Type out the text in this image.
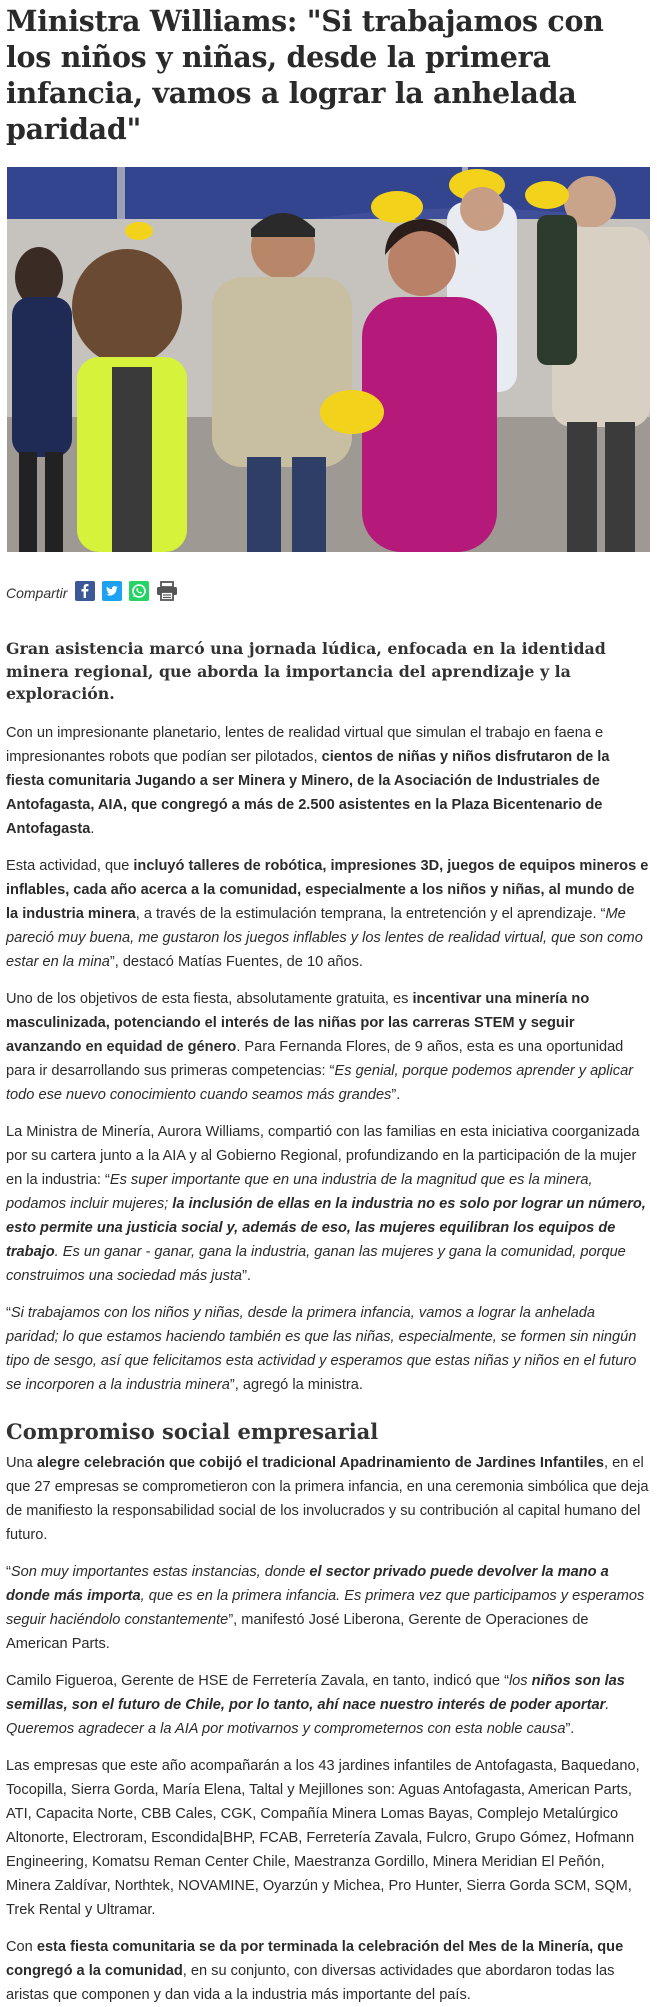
Ministra Williams: "Si trabajamos con los niños y niñas, desde la primera infancia, vamos a lograr la anhelada paridad"
Compartir
Gran asistencia marcó una jornada lúdica, enfocada en la identidad minera regional, que aborda la importancia del aprendizaje y la exploración.

Con un impresionante planetario, lentes de realidad virtual que simulan el trabajo en faena e impresionantes robots que podían ser pilotados, cientos de niñas y niños disfrutaron de la fiesta comunitaria Jugando a ser Minera y Minero, de la Asociación de Industriales de Antofagasta, AIA, que congregó a más de 2.500 asistentes en la Plaza Bicentenario de Antofagasta.

Esta actividad, que incluyó talleres de robótica, impresiones 3D, juegos de equipos mineros e inflables, cada año acerca a la comunidad, especialmente a los niños y niñas, al mundo de la industria minera, a través de la estimulación temprana, la entretención y el aprendizaje. “Me pareció muy buena, me gustaron los juegos inflables y los lentes de realidad virtual, que son como estar en la mina”, destacó Matías Fuentes, de 10 años.

Uno de los objetivos de esta fiesta, absolutamente gratuita, es incentivar una minería no masculinizada, potenciando el interés de las niñas por las carreras STEM y seguir avanzando en equidad de género. Para Fernanda Flores, de 9 años, esta es una oportunidad para ir desarrollando sus primeras competencias: “Es genial, porque podemos aprender y aplicar todo ese nuevo conocimiento cuando seamos más grandes”.

La Ministra de Minería, Aurora Williams, compartió con las familias en esta iniciativa coorganizada por su cartera junto a la AIA y al Gobierno Regional, profundizando en la participación de la mujer en la industria: “Es super importante que en una industria de la magnitud que es la minera, podamos incluir mujeres; la inclusión de ellas en la industria no es solo por lograr un número, esto permite una justicia social y, además de eso, las mujeres equilibran los equipos de trabajo. Es un ganar - ganar, gana la industria, ganan las mujeres y gana la comunidad, porque construimos una sociedad más justa”.

“Si trabajamos con los niños y niñas, desde la primera infancia, vamos a lograr la anhelada paridad; lo que estamos haciendo también es que las niñas, especialmente, se formen sin ningún tipo de sesgo, así que felicitamos esta actividad y esperamos que estas niñas y niños en el futuro se incorporen a la industria minera”, agregó la ministra.

Compromiso social empresarial

Una alegre celebración que cobijó el tradicional Apadrinamiento de Jardines Infantiles, en el que 27 empresas se comprometieron con la primera infancia, en una ceremonia simbólica que deja de manifiesto la responsabilidad social de los involucrados y su contribución al capital humano del futuro.

“Son muy importantes estas instancias, donde el sector privado puede devolver la mano a donde más importa, que es en la primera infancia. Es primera vez que participamos y esperamos seguir haciéndolo constantemente”, manifestó José Liberona, Gerente de Operaciones de American Parts.

Camilo Figueroa, Gerente de HSE de Ferretería Zavala, en tanto, indicó que “los niños son las semillas, son el futuro de Chile, por lo tanto, ahí nace nuestro interés de poder aportar. Queremos agradecer a la AIA por motivarnos y comprometernos con esta noble causa”.

Las empresas que este año acompañarán a los 43 jardines infantiles de Antofagasta, Baquedano, Tocopilla, Sierra Gorda, María Elena, Taltal y Mejillones son: Aguas Antofagasta, American Parts, ATI, Capacita Norte, CBB Cales, CGK, Compañía Minera Lomas Bayas, Complejo Metalúrgico Altonorte, Electroram, Escondida|BHP, FCAB, Ferretería Zavala, Fulcro, Grupo Gómez, Hofmann Engineering, Komatsu Reman Center Chile, Maestranza Gordillo, Minera Meridian El Peñón, Minera Zaldívar, Northtek, NOVAMINE, Oyarzún y Michea, Pro Hunter, Sierra Gorda SCM, SQM, Trek Rental y Ultramar.

Con esta fiesta comunitaria se da por terminada la celebración del Mes de la Minería, que congregó a la comunidad, en su conjunto, con diversas actividades que abordaron todas las aristas que componen y dan vida a la industria más importante del país.
